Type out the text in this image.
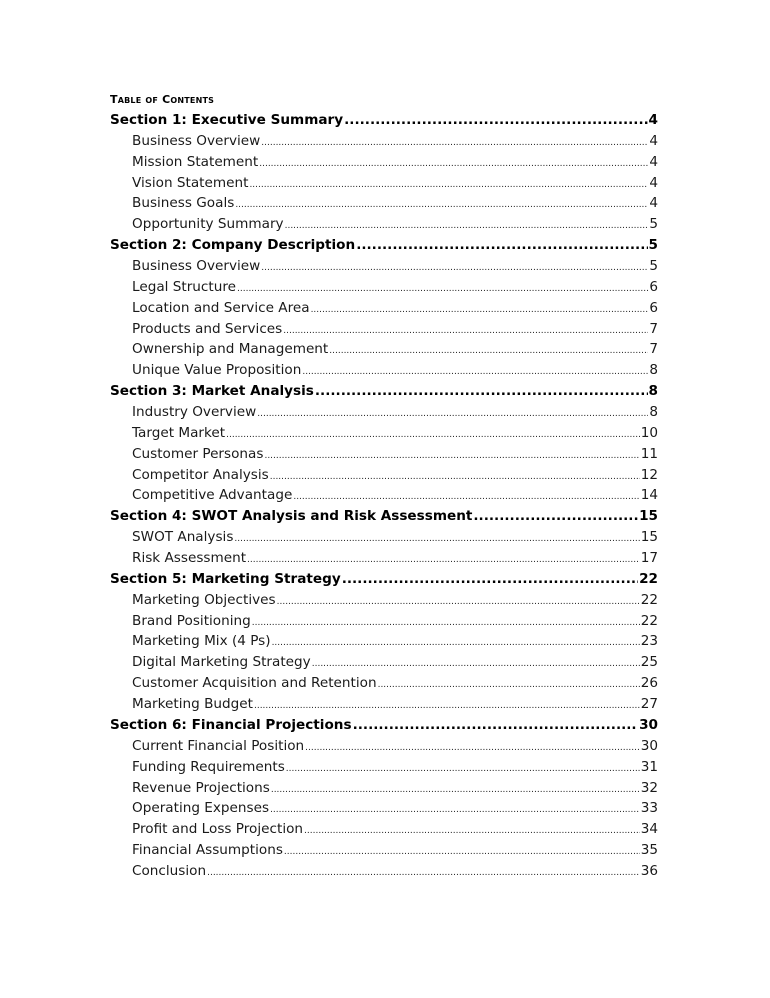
Table of Contents
Section 1: Executive Summary .....	4
Business Overview .....	4
Mission Statement .....	4
Vision Statement .....	4
Business Goals .....	4
Opportunity Summary .....	5
Section 2: Company Description .....	5
Business Overview .....	5
Legal Structure .....	6
Location and Service Area .....	6
Products and Services .....	7
Ownership and Management .....	7
Unique Value Proposition .....	8
Section 3: Market Analysis .....	8
Industry Overview .....	8
Target Market .....	10
Customer Personas .....	11
Competitor Analysis .....	12
Competitive Advantage .....	14
Section 4: SWOT Analysis and Risk Assessment .....	15
SWOT Analysis .....	15
Risk Assessment .....	17
Section 5: Marketing Strategy .....	22
Marketing Objectives .....	22
Brand Positioning .....	22
Marketing Mix (4 Ps) .....	23
Digital Marketing Strategy .....	25
Customer Acquisition and Retention .....	26
Marketing Budget .....	27
Section 6: Financial Projections .....	30
Current Financial Position .....	30
Funding Requirements .....	31
Revenue Projections .....	32
Operating Expenses .....	33
Profit and Loss Projection .....	34
Financial Assumptions .....	35
Conclusion .....	36
